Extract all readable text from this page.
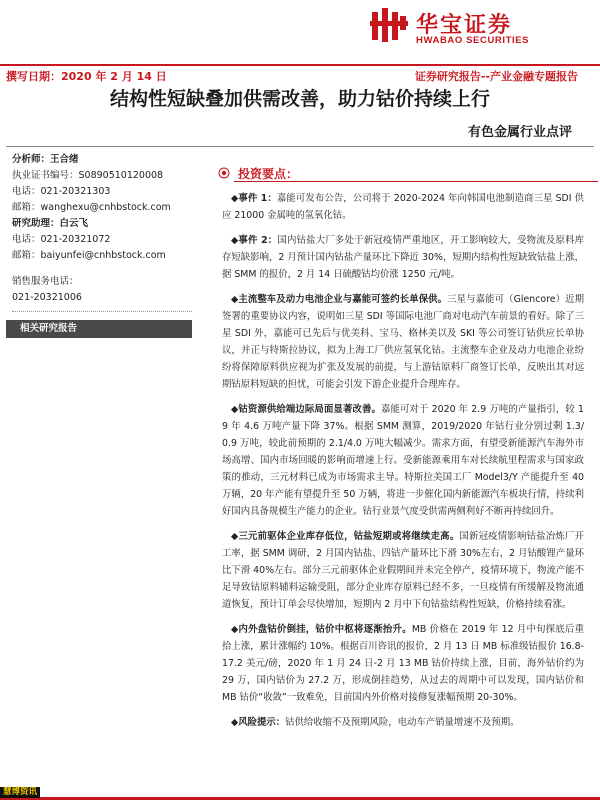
华宝证券
HWABAO SECURITIES
撰写日期：2020 年 2 月 14 日	证券研究报告--产业金融专题报告
结构性短缺叠加供需改善，助力钴价持续上行
有色金属行业点评
分析师：王合绪
执业证书编号：S0890510120008
电话：021-20321303
邮箱：wanghexu@cnhbstock.com
研究助理：白云飞
电话：021-20321072
邮箱：baiyunfei@cnhbstock.com
销售服务电话：
021-20321006
相关研究报告
投资要点：

◆事件 1：嘉能可发布公告，公司将于 2020-2024 年向韩国电池制造商三星 SDI 供应 21000 金属吨的氢氧化钴。

◆事件 2：国内钴盐大厂多处于新冠疫情严重地区，开工影响较大，受物流及原料库存短缺影响，2 月预计国内钴盐产量环比下降近 30%，短期内结构性短缺致钴盐上涨，据 SMM 的报价，2 月 14 日硫酸钴均价涨 1250 元/吨。

◆主流整车及动力电池企业与嘉能可签约长单保供。三星与嘉能可（Glencore）近期签署的重要协议内容，说明如三星 SDI 等国际电池厂商对电动汽车前景的看好。除了三星 SDI 外，嘉能可已先后与优美科、宝马、格林美以及 SKI 等公司签订钴供应长单协议，并正与特斯拉协议，拟为上海工厂供应氢氧化钴。主流整车企业及动力电池企业纷纷将保障原料供应视为扩张及发展的前提，与上游钴原料厂商签订长单，反映出其对远期钴原料短缺的担忧，可能会引发下游企业提升合理库存。

◆钴资源供给端边际局面显著改善。嘉能可对于 2020 年 2.9 万吨的产量指引，较 19 年 4.6 万吨产量下降 37%。根据 SMM 测算，2019/2020 年钴行业分别过剩 1.3/0.9 万吨，较此前预期的 2.1/4.0 万吨大幅减少。需求方面，有望受新能源汽车海外市场高增、国内市场回暖的影响而增速上行。受新能源乘用车对长续航里程需求与国家政策的推动，三元材料已成为市场需求主导。特斯拉美国工厂 Model3/Y 产能提升至 40 万辆，20 年产能有望提升至 50 万辆，将进一步催化国内新能源汽车板块行情，持续利好国内具备规模生产能力的企业。钴行业景气度受供需两侧利好不断再持续回升。

◆三元前驱体企业库存低位，钴盐短期或将继续走高。国新冠疫情影响钴盐冶炼厂开工率，据 SMM 调研，2 月国内钴盐、四钴产量环比下滑 30%左右，2 月钴酸锂产量环比下滑 40%左右。部分三元前驱体企业假期间并未完全停产，疫情环境下，物流产能不足导致钴原料辅料运输受阻，部分企业库存原料已经不多，一旦疫情有所缓解及物流通道恢复，预计订单会尽快增加，短期内 2 月中下旬钴盐结构性短缺，价格持续看涨。

◆内外盘钴价倒挂，钴价中枢将逐渐抬升。MB 价格在 2019 年 12 月中旬探底后重拾上涨，累计涨幅约 10%。根据百川咨讯的报价，2 月 13 日 MB 标准级钴报价 16.8-17.2 美元/磅，2020 年 1 月 24 日-2 月 13 MB 钴价持续上涨，目前，海外钴价约为 29 万，国内钴价为 27.2 万，形成倒挂趋势，从过去的周期中可以发现，国内钴价和 MB 钴价“收敛”一致难免，目前国内外价格对接修复涨幅预期 20-30%。

◆风险提示：钴供给收缩不及预期风险，电动车产销量增速不及预期。

慧博资讯
